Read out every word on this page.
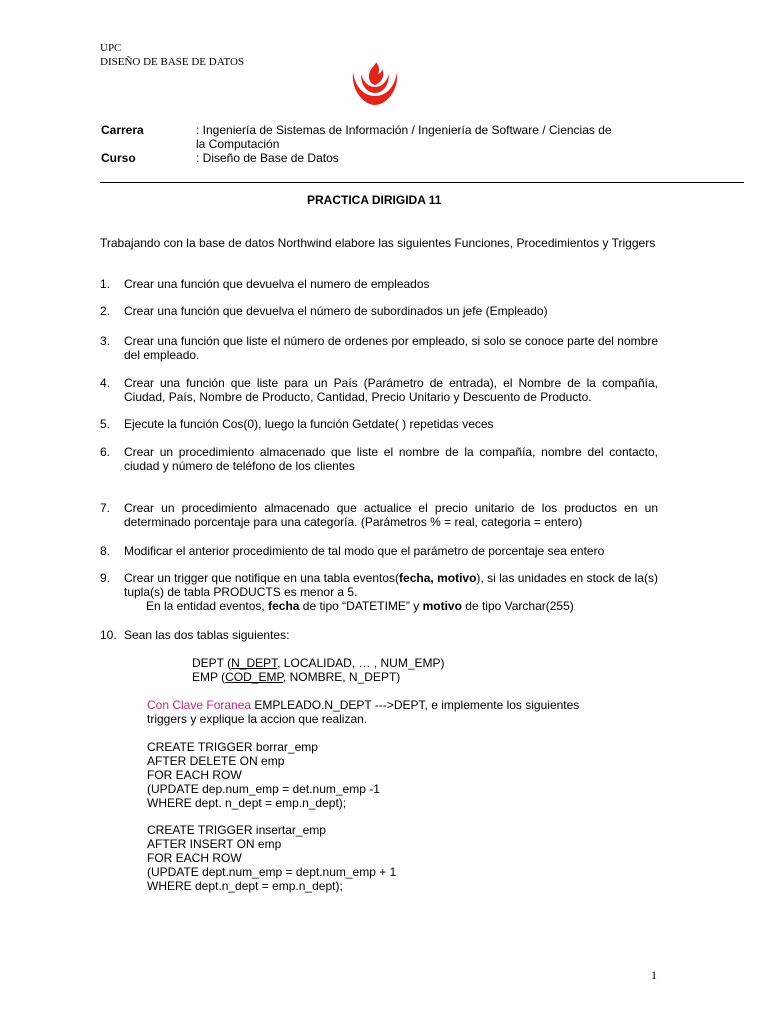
UPC
DISEÑO DE BASE DE DATOS
Carrera	: Ingeniería de Sistemas de Información / Ingeniería de Software / Ciencias de
la Computación
Curso	: Diseño de Base de Datos
PRACTICA DIRIGIDA 11
Trabajando con la base de datos Northwind elabore las siguientes Funciones, Procedimientos y Triggers
1.	Crear una función que devuelva el numero de empleados
2.	Crear una función que devuelva el número de subordinados un jefe (Empleado)
3.	Crear una función que liste el número de ordenes por empleado, si solo se conoce parte del nombre del empleado.
4.	Crear una función que liste para un País (Parámetro de entrada), el Nombre de la compañía, Ciudad, País, Nombre de Producto, Cantidad, Precio Unitario y Descuento de Producto.
5.	Ejecute la función Cos(0), luego la función Getdate( ) repetidas veces
6.	Crear un procedimiento almacenado que liste el nombre de la compañía, nombre del contacto, ciudad y número de teléfono de los clientes
7.	Crear un procedimiento almacenado que actualice el precio unitario de los productos en un determinado porcentaje para una categoría. (Parámetros % = real, categoria = entero)
8.	Modificar el anterior procedimiento de tal modo que el parámetro de porcentaje sea entero
9.	Crear un trigger que notifique en una tabla eventos(fecha, motivo), si las unidades en stock de la(s) tupla(s) de tabla PRODUCTS es menor a 5.
En la entidad eventos, fecha de tipo “DATETIME” y motivo de tipo Varchar(255)
10. Sean las dos tablas siguientes:
DEPT (N_DEPT, LOCALIDAD, … , NUM_EMP)
EMP (COD_EMP, NOMBRE, N_DEPT)
Con Clave Foranea EMPLEADO.N_DEPT --->DEPT, e implemente los siguientes
triggers y explique la accion que realizan.
CREATE TRIGGER borrar_emp
AFTER DELETE ON emp
FOR EACH ROW
(UPDATE dep.num_emp = det.num_emp -1
WHERE dept. n_dept = emp.n_dept);
CREATE TRIGGER insertar_emp
AFTER INSERT ON emp
FOR EACH ROW
(UPDATE dept.num_emp = dept.num_emp + 1
WHERE dept.n_dept = emp.n_dept);
1
